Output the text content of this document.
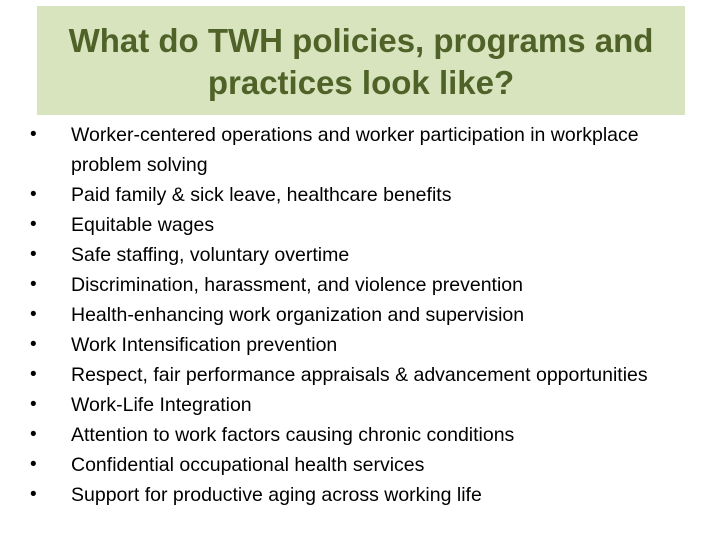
What do TWH policies, programs and practices look like?
•	Worker-centered operations and worker participation in workplace problem solving
•	Paid family & sick leave, healthcare benefits
•	Equitable wages
•	Safe staffing, voluntary overtime
•	Discrimination, harassment, and violence prevention
•	Health-enhancing work organization and supervision
•	Work Intensification prevention
•	Respect, fair performance appraisals & advancement opportunities
•	Work-Life Integration
•	Attention to work factors causing chronic conditions
•	Confidential occupational health services
•	Support for productive aging across working life
